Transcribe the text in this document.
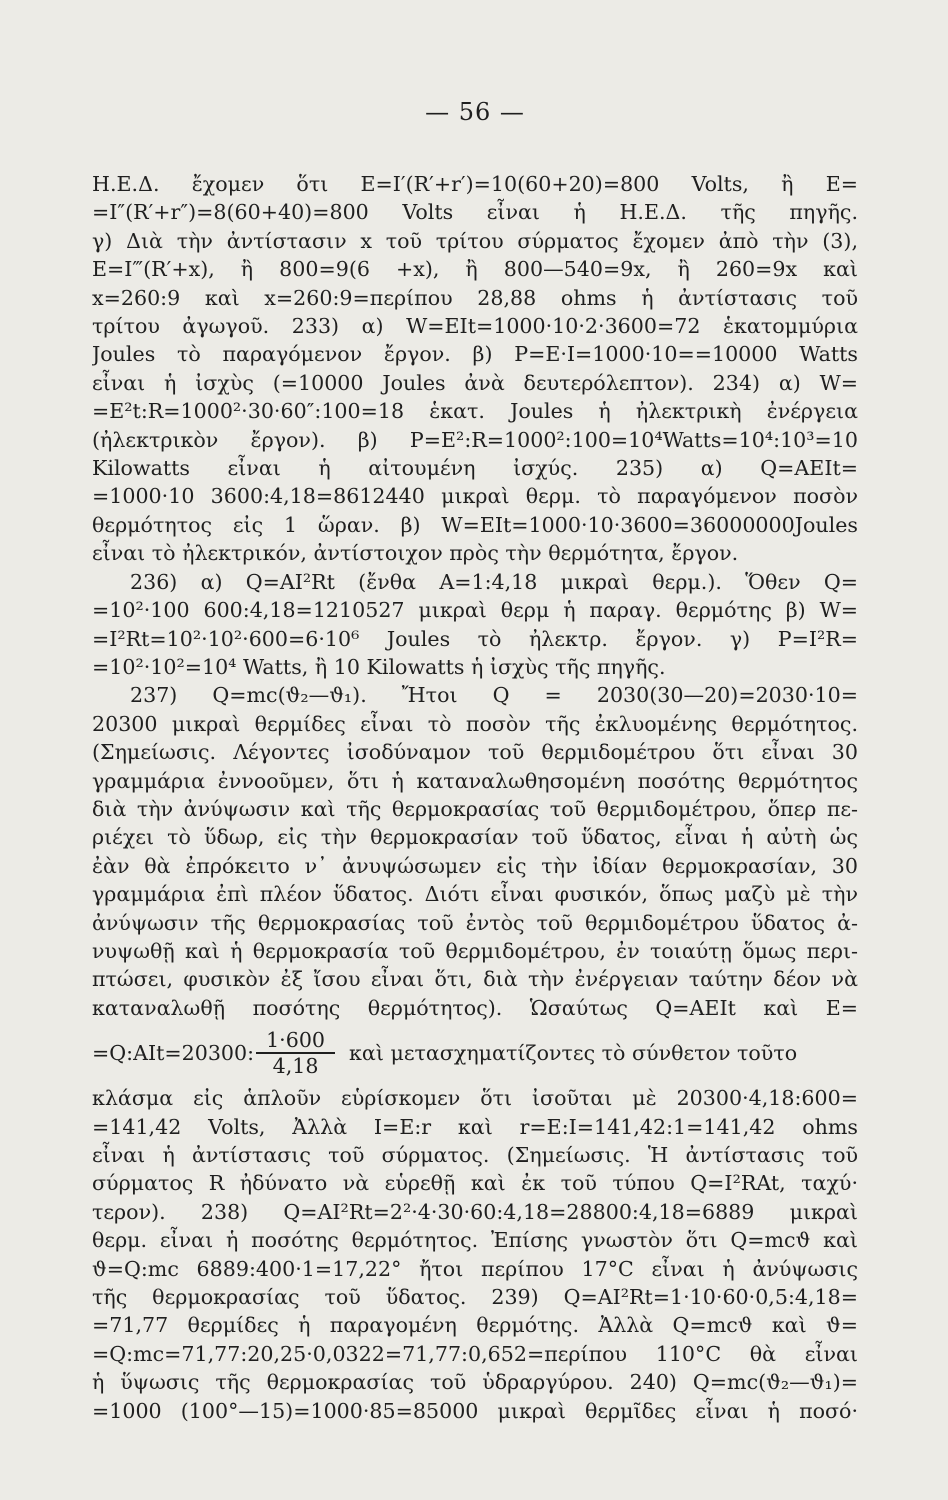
— 56 —
Η.Ε.Δ. ἔχομεν ὅτι Ε=Ι′(R′+r′)=10(60+20)=800 Volts, ἢ Ε=
=Ι″(R′+r″)=8(60+40)=800 Volts εἶναι ἡ Η.Ε.Δ. τῆς πηγῆς.
γ) Διὰ τὴν ἀντίστασιν x τοῦ τρίτου σύρματος ἔχομεν ἀπὸ τὴν (3),
Ε=Ι‴(R′+x), ἢ 800=9(6 +x), ἢ 800—540=9x, ἢ 260=9x καὶ
x=260:9 καὶ x=260:9=περίπου 28,88 ohms ἡ ἀντίστασις τοῦ
τρίτου ἀγωγοῦ. 233) α) W=EIt=1000·10·2·3600=72 ἑκατομμύρια
Joules τὸ παραγόμενον ἔργον. β) P=E·I=1000·10==10000 Watts
εἶναι ἡ ἰσχὺς (=10000 Joules ἀνὰ δευτερόλεπτον). 234) α) W=
=E²t:R=1000²·30·60″:100=18 ἑκατ. Joules ἡ ἠλεκτρικὴ ἐνέργεια
(ἠλεκτρικὸν ἔργον). β) P=E²:R=1000²:100=10⁴Watts=10⁴:10³=10
Kilowatts εἶναι ἡ αἰτουμένη ἰσχύς. 235) α) Q=AEIt=
=1000·10 3600:4,18=8612440 μικραὶ θερμ. τὸ παραγόμενον ποσὸν
θερμότητος εἰς 1 ὥραν. β) W=EIt=1000·10·3600=36000000Joules
εἶναι τὸ ἠλεκτρικόν, ἀντίστοιχον πρὸς τὴν θερμότητα, ἔργον.
236) α) Q=AI²Rt (ἔνθα A=1:4,18 μικραὶ θερμ.). Ὅθεν Q=
=10²·100 600:4,18=1210527 μικραὶ θερμ ἡ παραγ. θερμότης β) W=
=I²Rt=10²·10²·600=6·10⁶ Joules τὸ ἠλεκτρ. ἔργον. γ) P=I²R=
=10²·10²=10⁴ Watts, ἢ 10 Kilowatts ἡ ἰσχὺς τῆς πηγῆς.
237) Q=mc(ϑ₂—ϑ₁). Ἤτοι Q = 2030(30—20)=2030·10=
20300 μικραὶ θερμίδες εἶναι τὸ ποσὸν τῆς ἐκλυομένης θερμότητος.
(Σημείωσις. Λέγοντες ἰσοδύναμον τοῦ θερμιδομέτρου ὅτι εἶναι 30
γραμμάρια ἐννοοῦμεν, ὅτι ἡ καταναλωθησομένη ποσότης θερμότητος
διὰ τὴν ἀνύψωσιν καὶ τῆς θερμοκρασίας τοῦ θερμιδομέτρου, ὅπερ πε-
ριέχει τὸ ὕδωρ, εἰς τὴν θερμοκρασίαν τοῦ ὕδατος, εἶναι ἡ αὐτὴ ὡς
ἐὰν θὰ ἐπρόκειτο ν᾿ ἀνυψώσωμεν εἰς τὴν ἰδίαν θερμοκρασίαν, 30
γραμμάρια ἐπὶ πλέον ὕδατος. Διότι εἶναι φυσικόν, ὅπως μαζὺ μὲ τὴν
ἀνύψωσιν τῆς θερμοκρασίας τοῦ ἐντὸς τοῦ θερμιδομέτρου ὕδατος ἀ-
νυψωθῇ καὶ ἡ θερμοκρασία τοῦ θερμιδομέτρου, ἐν τοιαύτῃ ὅμως περι-
πτώσει, φυσικὸν ἐξ ἴσου εἶναι ὅτι, διὰ τὴν ἐνέργειαν ταύτην δέον νὰ
καταναλωθῇ ποσότης θερμότητος). Ὡσαύτως Q=AEIt καὶ E=
=Q:AIt=20300: $\frac{1\cdot 600}{4,18}$ καὶ μετασχηματίζοντες τὸ σύνθετον τοῦτο
κλάσμα εἰς ἁπλοῦν εὑρίσκομεν ὅτι ἰσοῦται μὲ 20300·4,18:600=
=141,42 Volts, Ἀλλὰ I=E:r καὶ r=E:I=141,42:1=141,42 ohms
εἶναι ἡ ἀντίστασις τοῦ σύρματος. (Σημείωσις. Ἡ ἀντίστασις τοῦ
σύρματος R ἠδύνατο νὰ εὑρεθῇ καὶ ἐκ τοῦ τύπου Q=I²RAt, ταχύ·
τερον). 238) Q=AI²Rt=2²·4·30·60:4,18=28800:4,18=6889 μικραὶ
θερμ. εἶναι ἡ ποσότης θερμότητος. Ἐπίσης γνωστὸν ὅτι Q=mcϑ καὶ
ϑ=Q:mc 6889:400·1=17,22° ἤτοι περίπου 17°C εἶναι ἡ ἀνύψωσις
τῆς θερμοκρασίας τοῦ ὕδατος. 239) Q=AI²Rt=1·10·60·0,5:4,18=
=71,77 θερμίδες ἡ παραγομένη θερμότης. Ἀλλὰ Q=mcϑ καὶ ϑ=
=Q:mc=71,77:20,25·0,0322=71,77:0,652=περίπου 110°C θὰ εἶναι
ἡ ὕψωσις τῆς θερμοκρασίας τοῦ ὑδραργύρου. 240) Q=mc(ϑ₂—ϑ₁)=
=1000 (100°—15)=1000·85=85000 μικραὶ θερμῖδες εἶναι ἡ ποσό·
